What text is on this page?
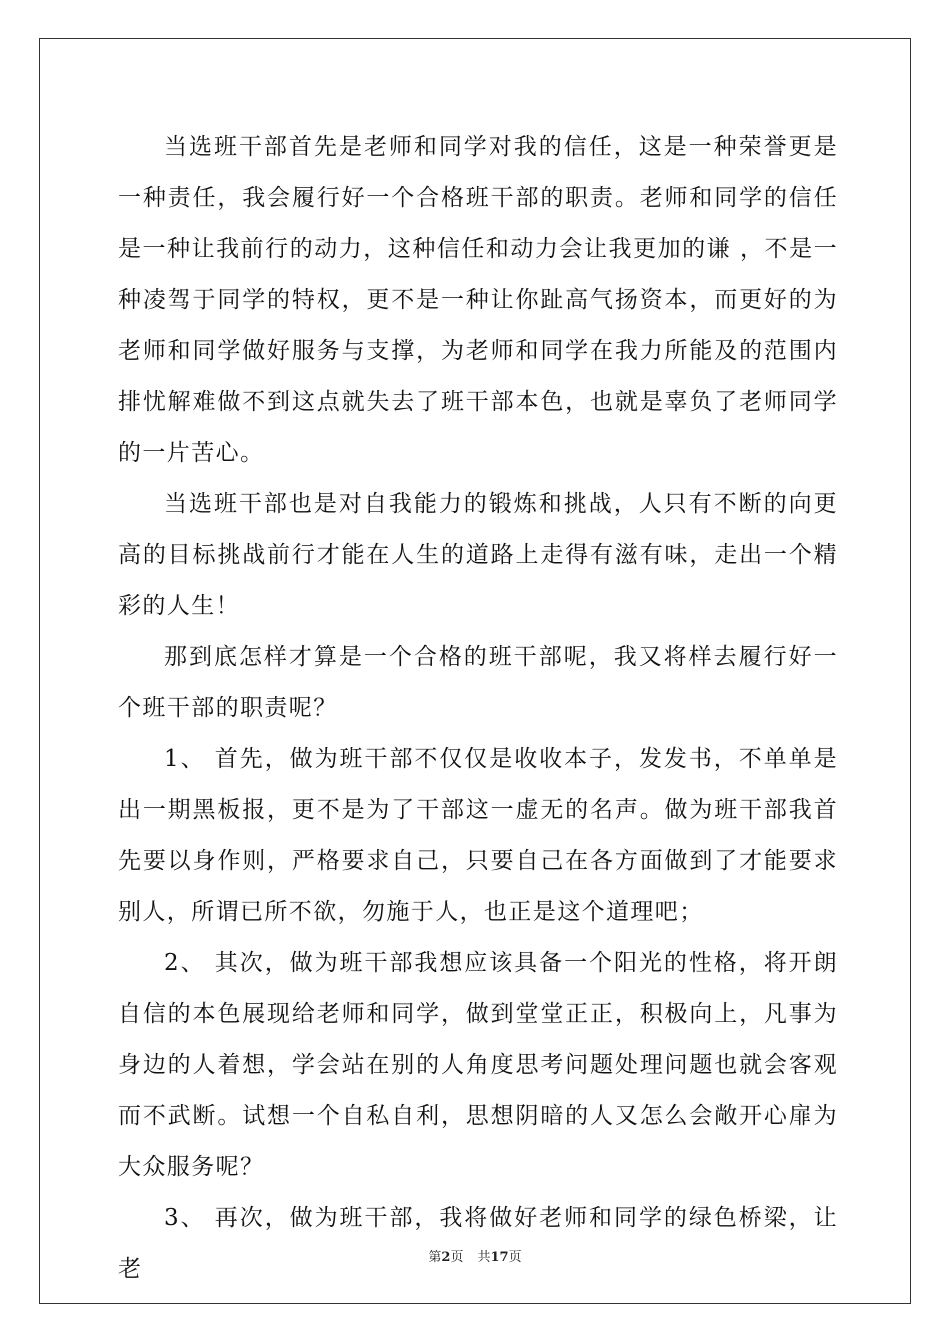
当选班干部首先是老师和同学对我的信任，这是一种荣誉更是一种责任，我会履行好一个合格班干部的职责。老师和同学的信任是一种让我前行的动力，这种信任和动力会让我更加的谦 ，不是一种凌驾于同学的特权，更不是一种让你趾高气扬资本，而更好的为老师和同学做好服务与支撑，为老师和同学在我力所能及的范围内排忧解难做不到这点就失去了班干部本色，也就是辜负了老师同学的一片苦心。

当选班干部也是对自我能力的锻炼和挑战，人只有不断的向更高的目标挑战前行才能在人生的道路上走得有滋有味，走出一个精彩的人生！

那到底怎样才算是一个合格的班干部呢，我又将样去履行好一个班干部的职责呢？

1、 首先，做为班干部不仅仅是收收本子，发发书，不单单是出一期黑板报，更不是为了干部这一虚无的名声。做为班干部我首先要以身作则，严格要求自己，只要自己在各方面做到了才能要求别人，所谓已所不欲，勿施于人，也正是这个道理吧；

2、 其次，做为班干部我想应该具备一个阳光的性格，将开朗自信的本色展现给老师和同学，做到堂堂正正，积极向上，凡事为身边的人着想，学会站在别的人角度思考问题处理问题也就会客观而不武断。试想一个自私自利，思想阴暗的人又怎么会敞开心扉为大众服务呢？

3、 再次，做为班干部，我将做好老师和同学的绿色桥梁，让老	第2页 共17页
